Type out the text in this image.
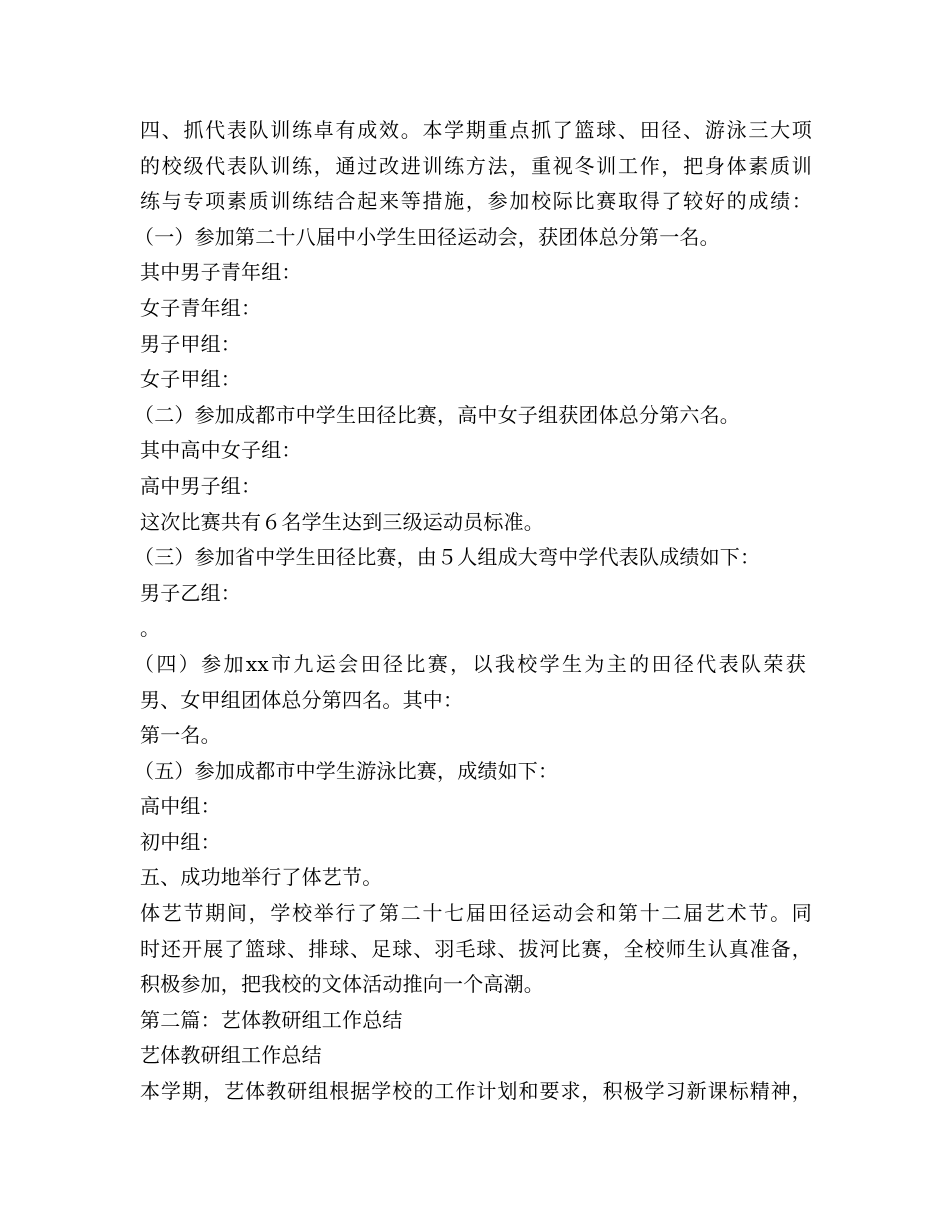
四、抓代表队训练卓有成效。本学期重点抓了篮球、田径、游泳三大项
的校级代表队训练，通过改进训练方法，重视冬训工作，把身体素质训
练与专项素质训练结合起来等措施，参加校际比赛取得了较好的成绩：
（一）参加第二十八届中小学生田径运动会，获团体总分第一名。
其中男子青年组：
女子青年组：
男子甲组：
女子甲组：
（二）参加成都市中学生田径比赛，高中女子组获团体总分第六名。
其中高中女子组：
高中男子组：
这次比赛共有６名学生达到三级运动员标准。
（三）参加省中学生田径比赛，由５人组成大弯中学代表队成绩如下：
男子乙组：
。
（四）参加xx市九运会田径比赛，以我校学生为主的田径代表队荣获
男、女甲组团体总分第四名。其中：
第一名。
（五）参加成都市中学生游泳比赛，成绩如下：
高中组：
初中组：
五、成功地举行了体艺节。
体艺节期间，学校举行了第二十七届田径运动会和第十二届艺术节。同
时还开展了篮球、排球、足球、羽毛球、拔河比赛，全校师生认真准备，
积极参加，把我校的文体活动推向一个高潮。
第二篇：艺体教研组工作总结
艺体教研组工作总结
本学期，艺体教研组根据学校的工作计划和要求，积极学习新课标精神，
